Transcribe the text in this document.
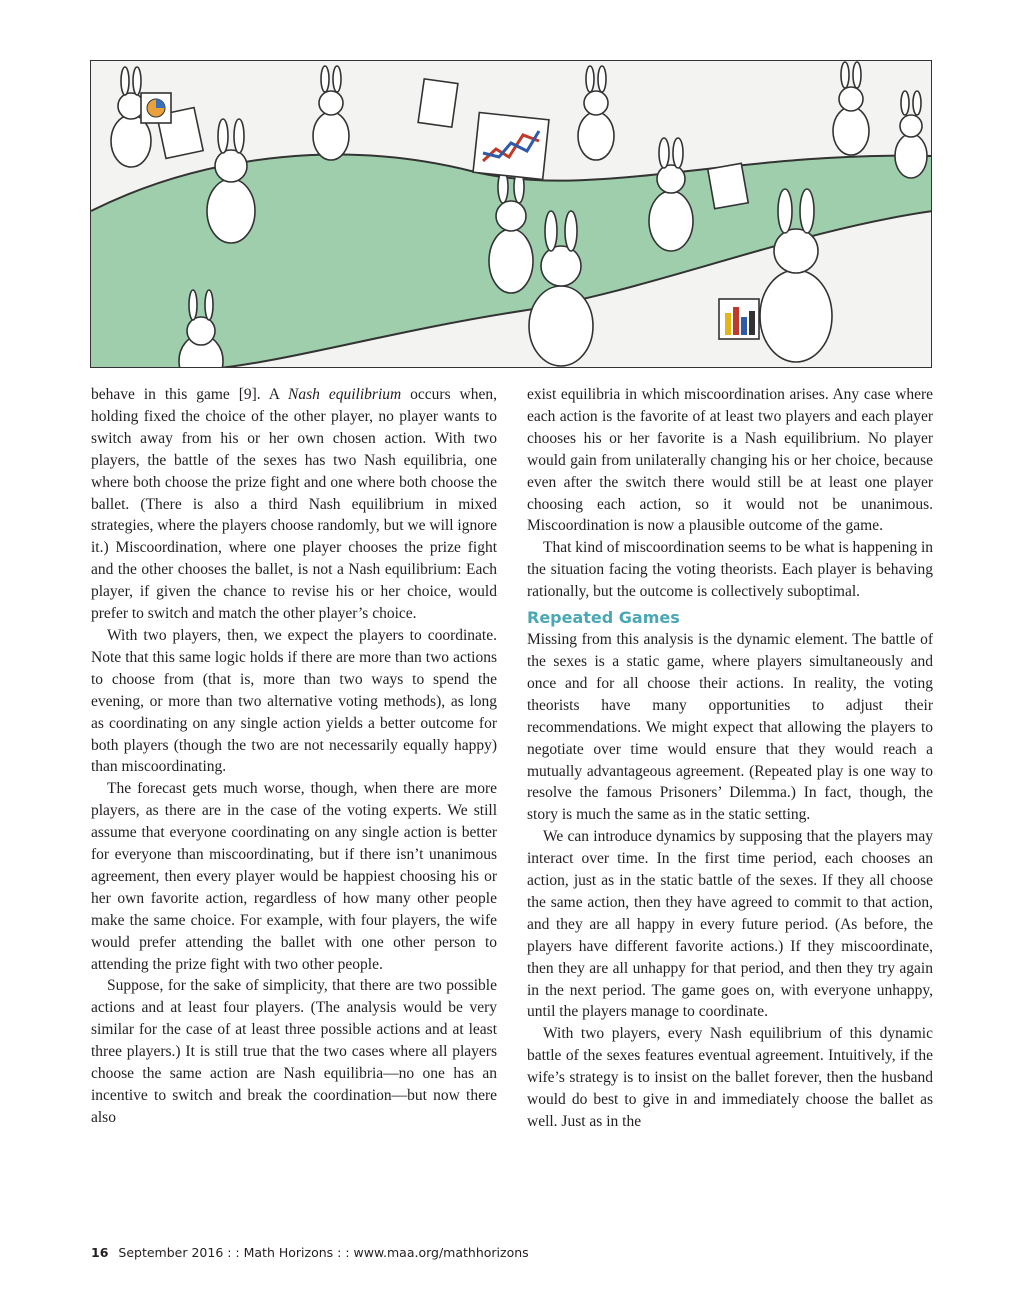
behave in this game [9]. A Nash equilibrium occurs when, holding fixed the choice of the other player, no player wants to switch away from his or her own chosen action. With two players, the battle of the sexes has two Nash equilibria, one where both choose the prize fight and one where both choose the ballet. (There is also a third Nash equilibrium in mixed strategies, where the players choose randomly, but we will ignore it.) Miscoordination, where one player chooses the prize fight and the other chooses the ballet, is not a Nash equilibrium: Each player, if given the chance to revise his or her choice, would prefer to switch and match the other player’s choice.

With two players, then, we expect the players to coordinate. Note that this same logic holds if there are more than two actions to choose from (that is, more than two ways to spend the evening, or more than two alternative voting methods), as long as coordinating on any single action yields a better outcome for both players (though the two are not necessarily equally happy) than miscoordinating.

The forecast gets much worse, though, when there are more players, as there are in the case of the voting experts. We still assume that everyone coordinating on any single action is better for everyone than miscoordinating, but if there isn’t unanimous agreement, then every player would be happiest choosing his or her own favorite action, regardless of how many other people make the same choice. For example, with four players, the wife would prefer attending the ballet with one other person to attending the prize fight with two other people.

Suppose, for the sake of simplicity, that there are two possible actions and at least four players. (The analysis would be very similar for the case of at least three possible actions and at least three players.) It is still true that the two cases where all players choose the same action are Nash equilibria—no one has an incentive to switch and break the coordination—but now there also

exist equilibria in which miscoordination arises. Any case where each action is the favorite of at least two players and each player chooses his or her favorite is a Nash equilibrium. No player would gain from unilaterally changing his or her choice, because even after the switch there would still be at least one player choosing each action, so it would not be unanimous. Miscoordination is now a plausible outcome of the game.

That kind of miscoordination seems to be what is happening in the situation facing the voting theorists. Each player is behaving rationally, but the outcome is collectively suboptimal.

Repeated Games

Missing from this analysis is the dynamic element. The battle of the sexes is a static game, where players simultaneously and once and for all choose their actions. In reality, the voting theorists have many opportunities to adjust their recommendations. We might expect that allowing the players to negotiate over time would ensure that they would reach a mutually advantageous agreement. (Repeated play is one way to resolve the famous Prisoners’ Dilemma.) In fact, though, the story is much the same as in the static setting.

We can introduce dynamics by supposing that the players may interact over time. In the first time period, each chooses an action, just as in the static battle of the sexes. If they all choose the same action, then they have agreed to commit to that action, and they are all happy in every future period. (As before, the players have different favorite actions.) If they miscoordinate, then they are all unhappy for that period, and then they try again in the next period. The game goes on, with everyone unhappy, until the players manage to coordinate.

With two players, every Nash equilibrium of this dynamic battle of the sexes features eventual agreement. Intuitively, if the wife’s strategy is to insist on the ballet forever, then the husband would do best to give in and immediately choose the ballet as well. Just as in the

16 September 2016 : : Math Horizons : : www.maa.org/mathhorizons
